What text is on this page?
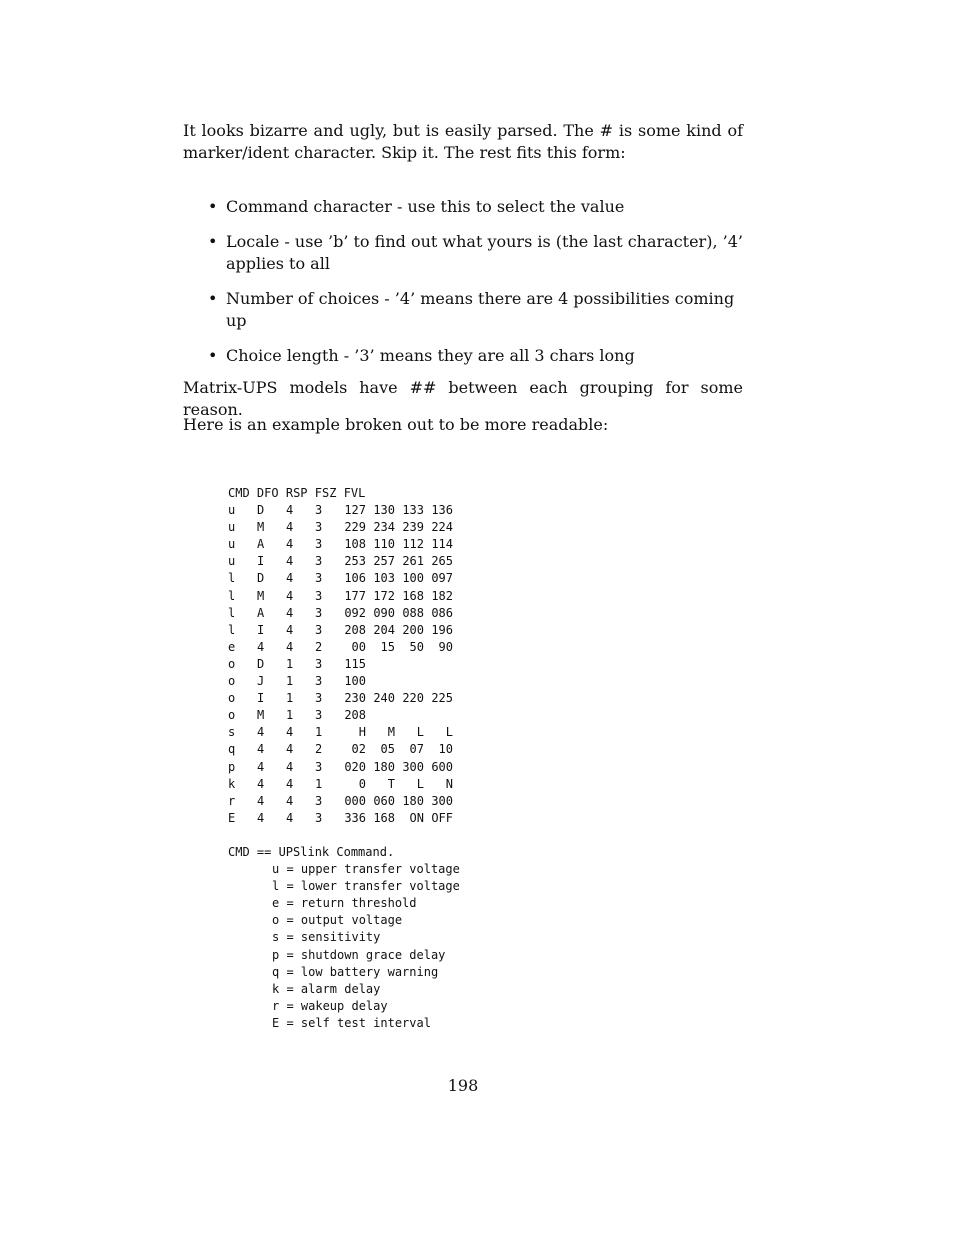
It looks bizarre and ugly, but is easily parsed. The # is some kind of marker/ident character. Skip it. The rest fits this form:

• Command character - use this to select the value
• Locale - use ’b’ to find out what yours is (the last character), ’4’ applies to all
• Number of choices - ’4’ means there are 4 possibilities coming up
• Choice length - ’3’ means they are all 3 chars long

Matrix-UPS models have ## between each grouping for some reason.

Here is an example broken out to be more readable:

CMD DFO RSP FSZ FVL
u D 4 3 127 130 133 136
u M 4 3 229 234 239 224
u A 4 3 108 110 112 114
u I 4 3 253 257 261 265
l D 4 3 106 103 100 097
l M 4 3 177 172 168 182
l A 4 3 092 090 088 086
l I 4 3 208 204 200 196
e 4 4 2 00 15 50 90
o D 1 3 115
o J 1 3 100
o I 1 3 230 240 220 225
o M 1 3 208
s 4 4 1	H M L L
q 4 4 2 02 05 07 10
p 4 4 3 020 180 300 600
k 4 4 1	0 T L N
r 4 4 3 000 060 180 300
E 4 4 3 336 168 ON OFF
CMD == UPSlink Command.
u = upper transfer voltage
l = lower transfer voltage
e = return threshold
o = output voltage
s = sensitivity
p = shutdown grace delay
q = low battery warning
k = alarm delay
r = wakeup delay
E = self test interval
198
